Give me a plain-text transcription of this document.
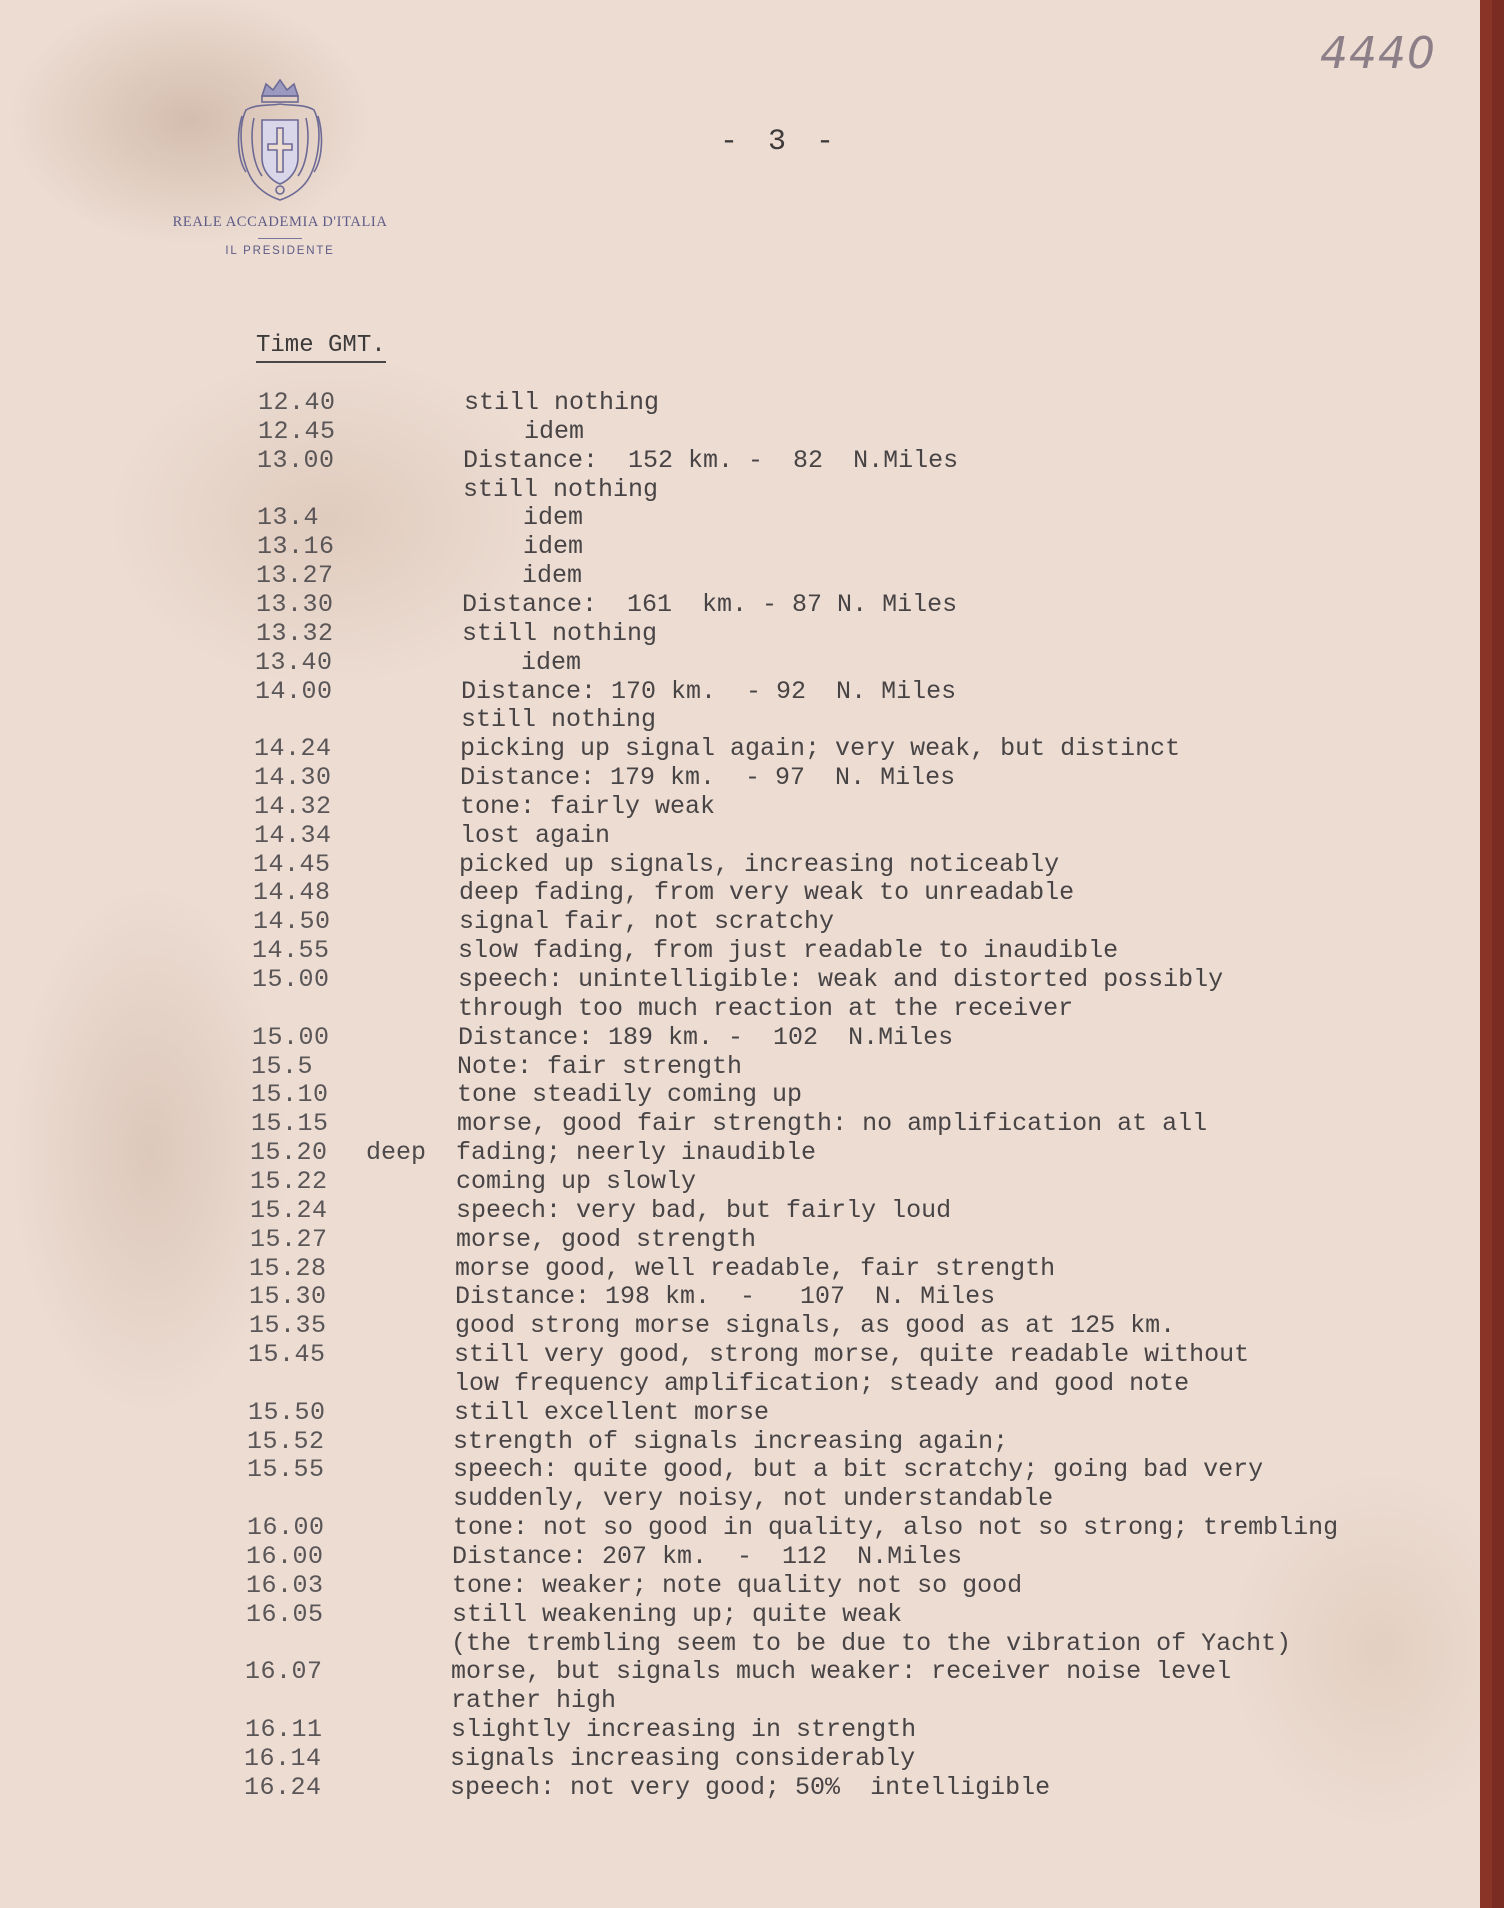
4440
REALE ACCADEMIA D'ITALIA
IL PRESIDENTE
- 3 -
Time GMT.
12.40	still nothing
12.45	idem
13.00	Distance:  152 km. -  82  N.Miles
still nothing
13.4	idem
13.16	idem
13.27	idem
13.30	Distance:  161  km. - 87 N. Miles
13.32	still nothing
13.40	idem
14.00	Distance: 170 km.  - 92  N. Miles
still nothing
14.24	picking up signal again; very weak, but distinct
14.30	Distance: 179 km.  - 97  N. Miles
14.32	tone: fairly weak
14.34	lost again
14.45	picked up signals, increasing noticeably
14.48	deep fading, from very weak to unreadable
14.50	signal fair, not scratchy
14.55	slow fading, from just readable to inaudible
15.00	speech: unintelligible: weak and distorted possibly
through too much reaction at the receiver
15.00	Distance: 189 km. -  102  N.Miles
15.5	Note: fair strength
15.10	tone steadily coming up
15.15	morse, good fair strength: no amplification at all
15.20 deep fading; neerly inaudible
15.22	coming up slowly
15.24	speech: very bad, but fairly loud
15.27	morse, good strength
15.28	morse good, well readable, fair strength
15.30	Distance: 198 km.  -   107  N. Miles
15.35	good strong morse signals, as good as at 125 km.
15.45	still very good, strong morse, quite readable without
low frequency amplification; steady and good note
15.50	still excellent morse
15.52	strength of signals increasing again;
15.55	speech: quite good, but a bit scratchy; going bad very
suddenly, very noisy, not understandable
16.00	tone: not so good in quality, also not so strong; trembling
16.00	Distance: 207 km.  -  112  N.Miles
16.03	tone: weaker; note quality not so good
16.05	still weakening up; quite weak
(the trembling seem to be due to the vibration of Yacht)
16.07	morse, but signals much weaker: receiver noise level
rather high
16.11	slightly increasing in strength
16.14	signals increasing considerably
16.24	speech: not very good; 50%  intelligible
